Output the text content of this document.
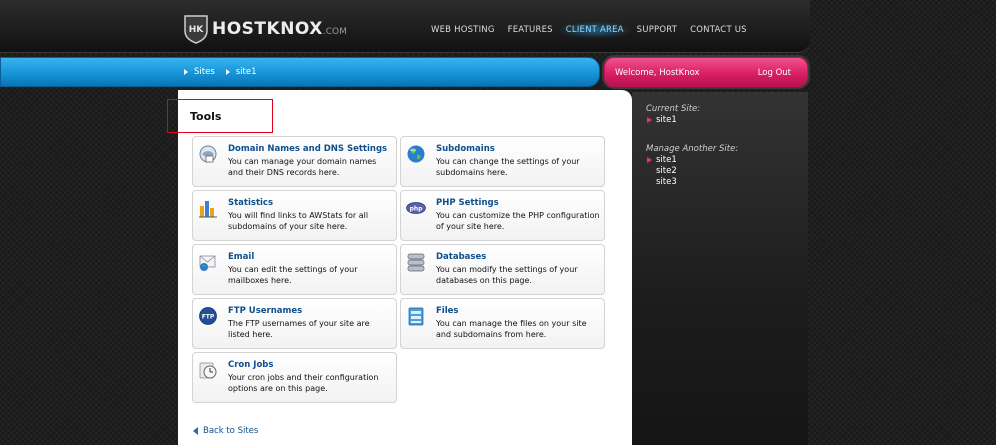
HK HOSTKNOX.COM	WEB HOSTING	FEATURES	CLIENT AREA	SUPPORT	CONTACT US
Sites site1	Welcome, HostKnox	Log Out
Tools
Domain Names and DNS Settings
You can manage your domain names and their DNS records here.
Subdomains
You can change the settings of your subdomains here.
Statistics
You will find links to AWStats for all subdomains of your site here.
php
PHP Settings
You can customize the PHP configuration of your site here.
Email
You can edit the settings of your mailboxes here.
Databases
You can modify the settings of your databases on this page.
FTP
FTP Usernames
The FTP usernames of your site are listed here.
Files
You can manage the files on your site and subdomains from here.
Cron Jobs
Your cron jobs and their configuration options are on this page.
Back to Sites
Current Site:
site1
Manage Another Site:
site1
site2
site3
